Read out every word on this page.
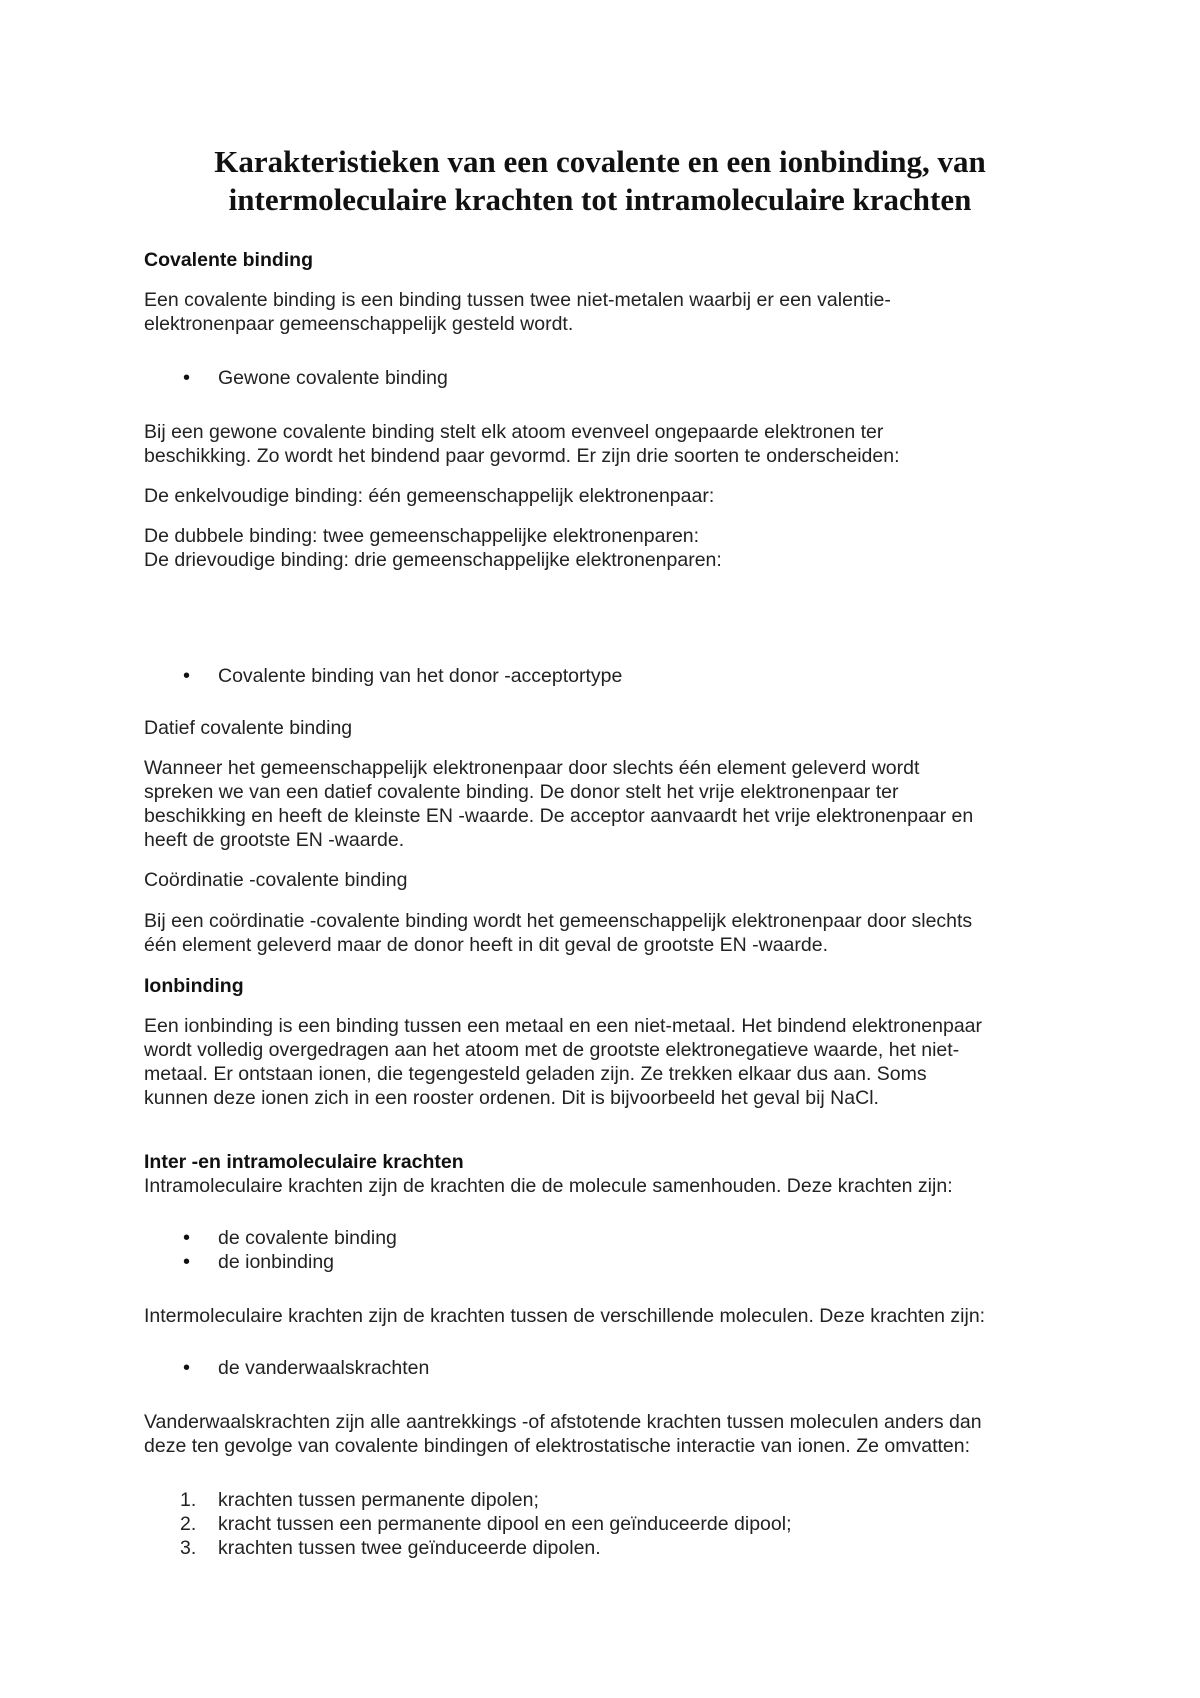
Karakteristieken van een covalente en een ionbinding, van
intermoleculaire krachten tot intramoleculaire krachten

Covalente binding

Een covalente binding is een binding tussen twee niet-metalen waarbij er een valentie-

elektronenpaar gemeenschappelijk gesteld wordt.

• Gewone covalente binding

Bij een gewone covalente binding stelt elk atoom evenveel ongepaarde elektronen ter

beschikking. Zo wordt het bindend paar gevormd. Er zijn drie soorten te onderscheiden:

De enkelvoudige binding: één gemeenschappelijk elektronenpaar:

De dubbele binding: twee gemeenschappelijke elektronenparen:

De drievoudige binding: drie gemeenschappelijke elektronenparen:

• Covalente binding van het donor -acceptortype

Datief covalente binding

Wanneer het gemeenschappelijk elektronenpaar door slechts één element geleverd wordt

spreken we van een datief covalente binding. De donor stelt het vrije elektronenpaar ter

beschikking en heeft de kleinste EN -waarde. De acceptor aanvaardt het vrije elektronenpaar en

heeft de grootste EN -waarde.

Coördinatie -covalente binding

Bij een coördinatie -covalente binding wordt het gemeenschappelijk elektronenpaar door slechts

één element geleverd maar de donor heeft in dit geval de grootste EN -waarde.

Ionbinding

Een ionbinding is een binding tussen een metaal en een niet-metaal. Het bindend elektronenpaar

wordt volledig overgedragen aan het atoom met de grootste elektronegatieve waarde, het niet-

metaal. Er ontstaan ionen, die tegengesteld geladen zijn. Ze trekken elkaar dus aan. Soms

kunnen deze ionen zich in een rooster ordenen. Dit is bijvoorbeeld het geval bij NaCl.

Inter -en intramoleculaire krachten

Intramoleculaire krachten zijn de krachten die de molecule samenhouden. Deze krachten zijn:

• de covalente binding

• de ionbinding

Intermoleculaire krachten zijn de krachten tussen de verschillende moleculen. Deze krachten zijn:

• de vanderwaalskrachten

Vanderwaalskrachten zijn alle aantrekkings -of afstotende krachten tussen moleculen anders dan

deze ten gevolge van covalente bindingen of elektrostatische interactie van ionen. Ze omvatten:

1. krachten tussen permanente dipolen;

2. kracht tussen een permanente dipool en een geïnduceerde dipool;

3. krachten tussen twee geïnduceerde dipolen.
